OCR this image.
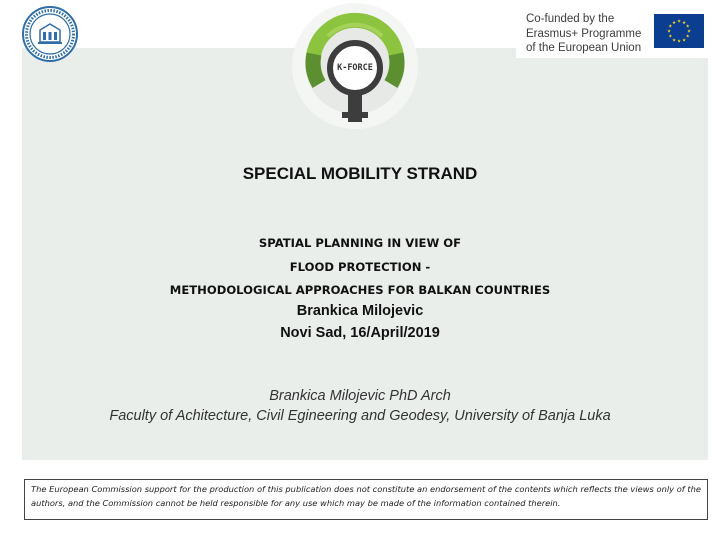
K-FORCE
Co-funded by the
Erasmus+ Programme
of the European Union
★
★
★
★
★
★
★
★
★ ★ ★
★
SPECIAL MOBILITY STRAND
SPATIAL PLANNING IN VIEW OF
FLOOD PROTECTION -
METHODOLOGICAL APPROACHES FOR BALKAN COUNTRIES
Brankica Milojevic
Novi Sad, 16/April/2019
Brankica Milojevic PhD Arch
Faculty of Achitecture, Civil Egineering and Geodesy, University of Banja Luka
The European Commission support for the production of this publication does not constitute an endorsement of the contents which reflects the views only of the authors, and the Commission cannot be held responsible for any use which may be made of the information contained therein.
